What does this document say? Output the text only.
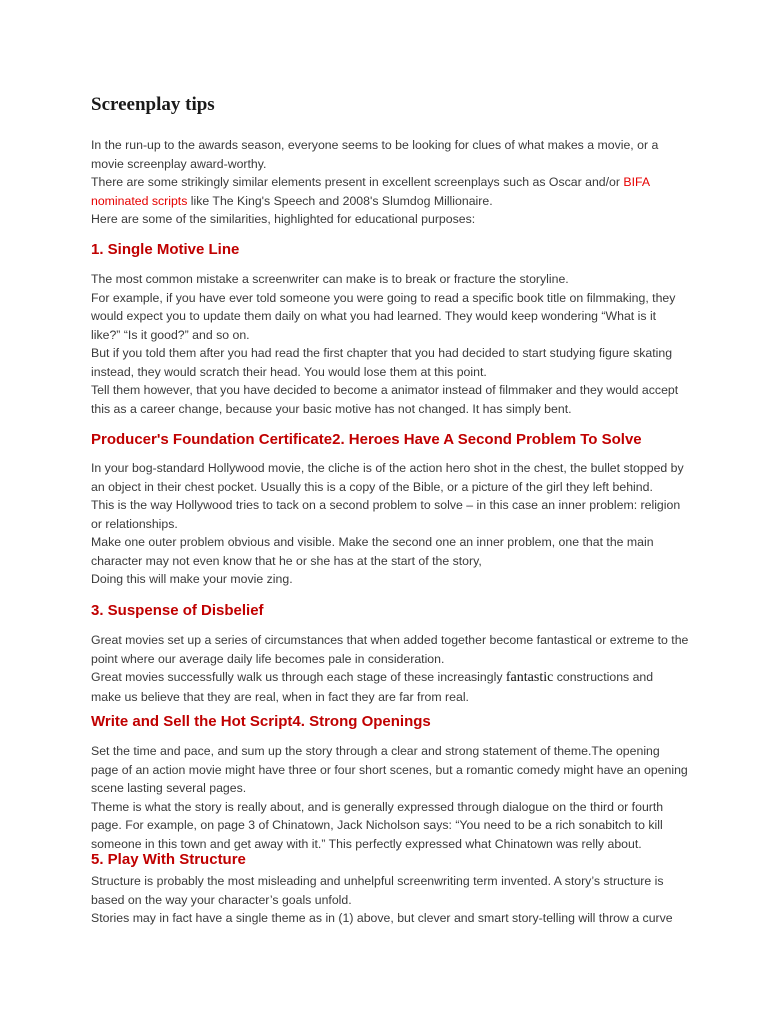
Screenplay tips

In the run-up to the awards season, everyone seems to be looking for clues of what makes a movie, or a

movie screenplay award-worthy.

There are some strikingly similar elements present in excellent screenplays such as Oscar and/or BIFA

nominated scripts like The King's Speech and 2008's Slumdog Millionaire.

Here are some of the similarities, highlighted for educational purposes:

1. Single Motive Line

The most common mistake a screenwriter can make is to break or fracture the storyline.

For example, if you have ever told someone you were going to read a specific book title on filmmaking, they

would expect you to update them daily on what you had learned. They would keep wondering “What is it

like?” “Is it good?” and so on.

But if you told them after you had read the first chapter that you had decided to start studying figure skating

instead, they would scratch their head. You would lose them at this point.

Tell them however, that you have decided to become a animator instead of filmmaker and they would accept

this as a career change, because your basic motive has not changed. It has simply bent.

Producer's Foundation Certificate2. Heroes Have A Second Problem To Solve

In your bog-standard Hollywood movie, the cliche is of the action hero shot in the chest, the bullet stopped by

an object in their chest pocket. Usually this is a copy of the Bible, or a picture of the girl they left behind.

This is the way Hollywood tries to tack on a second problem to solve – in this case an inner problem: religion

or relationships.

Make one outer problem obvious and visible. Make the second one an inner problem, one that the main

character may not even know that he or she has at the start of the story,

Doing this will make your movie zing.

3. Suspense of Disbelief

Great movies set up a series of circumstances that when added together become fantastical or extreme to the

point where our average daily life becomes pale in consideration.

Great movies successfully walk us through each stage of these increasingly fantastic constructions and

make us believe that they are real, when in fact they are far from real.

Write and Sell the Hot Script4. Strong Openings

Set the time and pace, and sum up the story through a clear and strong statement of theme.The opening

page of an action movie might have three or four short scenes, but a romantic comedy might have an opening

scene lasting several pages.

Theme is what the story is really about, and is generally expressed through dialogue on the third or fourth

page. For example, on page 3 of Chinatown, Jack Nicholson says: “You need to be a rich sonabitch to kill

someone in this town and get away with it.” This perfectly expressed what Chinatown was relly about.

5. Play With Structure

Structure is probably the most misleading and unhelpful screenwriting term invented. A story’s structure is

based on the way your character’s goals unfold.

Stories may in fact have a single theme as in (1) above, but clever and smart story-telling will throw a curve
